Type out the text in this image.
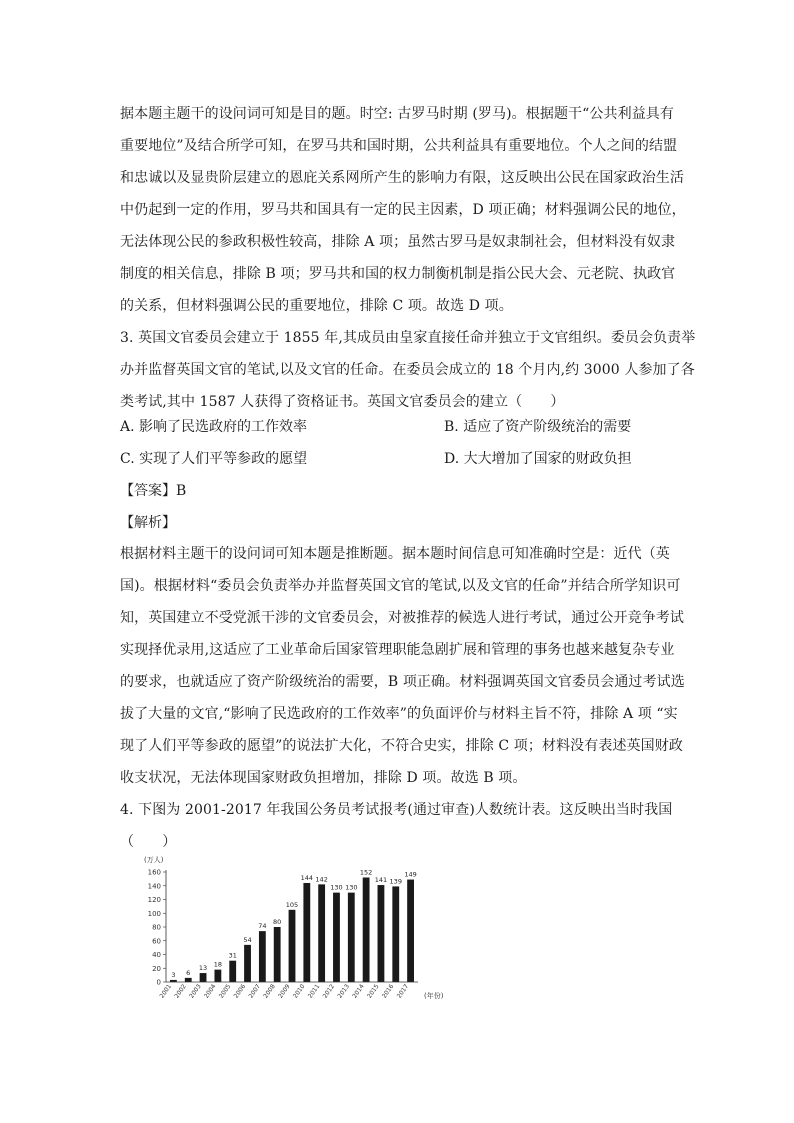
据本题主题干的设问词可知是目的题。时空: 古罗马时期 (罗马)。根据题干“公共利益具有
重要地位”及结合所学可知，在罗马共和国时期，公共利益具有重要地位。个人之间的结盟
和忠诚以及显贵阶层建立的恩庇关系网所产生的影响力有限，这反映出公民在国家政治生活
中仍起到一定的作用，罗马共和国具有一定的民主因素，D 项正确；材料强调公民的地位，
无法体现公民的参政积极性较高，排除 A 项；虽然古罗马是奴隶制社会，但材料没有奴隶
制度的相关信息，排除 B 项；罗马共和国的权力制衡机制是指公民大会、元老院、执政官
的关系，但材料强调公民的重要地位，排除 C 项。故选 D 项。
3. 英国文官委员会建立于 1855 年,其成员由皇家直接任命并独立于文官组织。委员会负责举
办并监督英国文官的笔试,以及文官的任命。在委员会成立的 18 个月内,约 3000 人参加了各
类考试,其中 1587 人获得了资格证书。英国文官委员会的建立（　　）
A. 影响了民选政府的工作效率	B. 适应了资产阶级统治的需要
C. 实现了人们平等参政的愿望	D. 大大增加了国家的财政负担
【答案】B
【解析】
根据材料主题干的设问词可知本题是推断题。据本题时间信息可知准确时空是：近代（英
国)。根据材料“委员会负责举办并监督英国文官的笔试,以及文官的任命”并结合所学知识可
知，英国建立不受党派干涉的文官委员会，对被推荐的候选人进行考试，通过公开竞争考试
实现择优录用,这适应了工业革命后国家管理职能急剧扩展和管理的事务也越来越复杂专业
的要求，也就适应了资产阶级统治的需要，B 项正确。材料强调英国文官委员会通过考试选
拔了大量的文官,“影响了民选政府的工作效率”的负面评价与材料主旨不符，排除 A 项 “实
现了人们平等参政的愿望”的说法扩大化，不符合史实，排除 C 项；材料没有表述英国财政
收支状况，无法体现国家财政负担增加，排除 D 项。故选 B 项。
4. 下图为 2001-2017 年我国公务员考试报考(通过审查)人数统计表。这反映出当时我国
（　　）
(万人)
0
20
40
60
80
100
120
140
160
3 6
13 18
31
54
74
80
105
144 142
130 130
152
141 139
149
2001 2002 2003 2004 2005 2006 2007 2008 2009 2010 2011 2012 2013 2014 2015 2016 2017 (年份)
